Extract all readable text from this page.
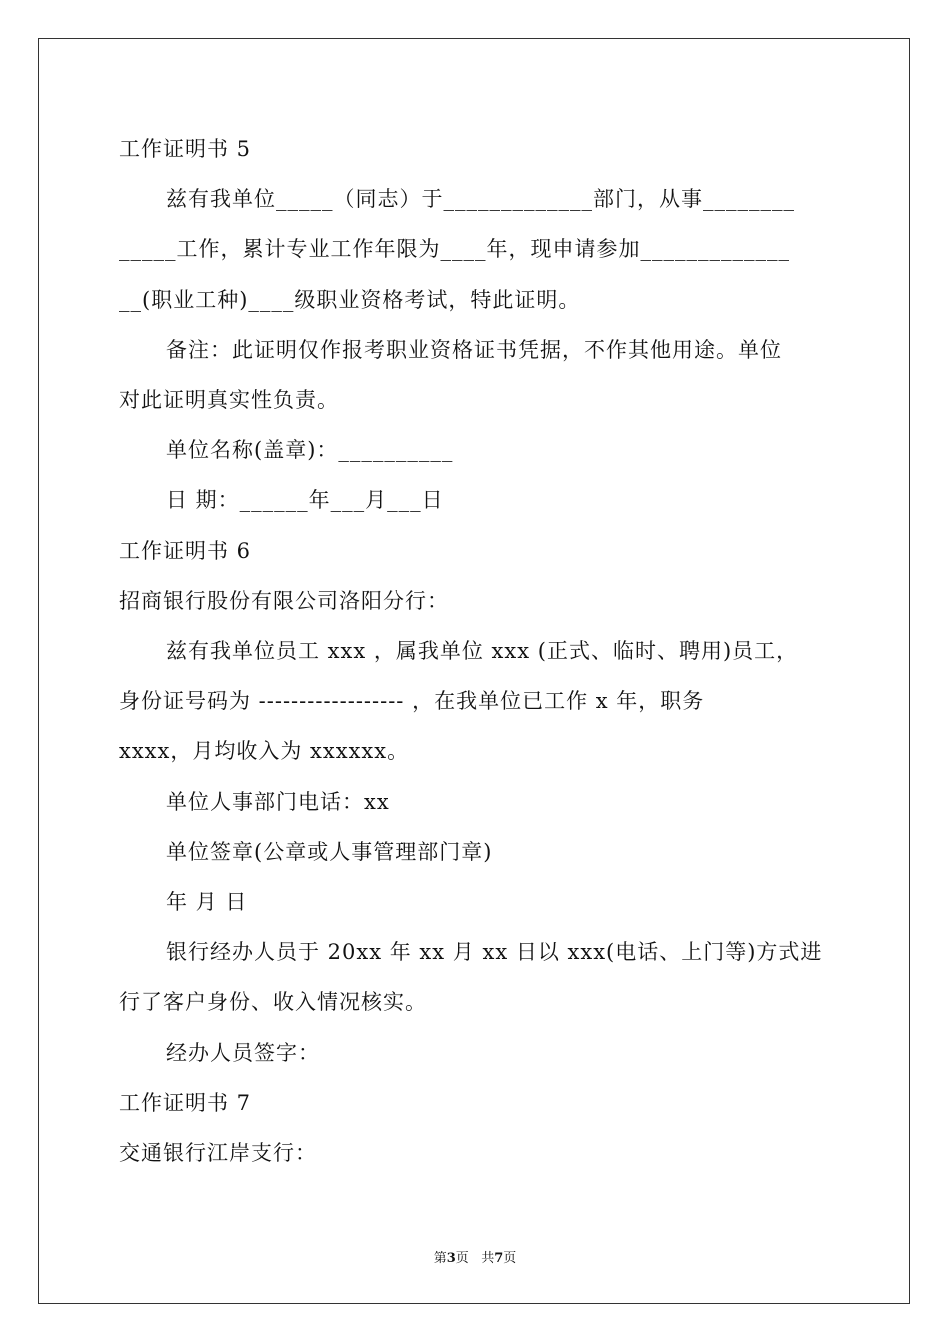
工作证明书 5
兹有我单位_____（同志）于_____________部门，从事________
_____工作，累计专业工作年限为____年，现申请参加_____________
__(职业工种)____级职业资格考试，特此证明。
备注：此证明仅作报考职业资格证书凭据，不作其他用途。单位
对此证明真实性负责。
单位名称(盖章)：__________
日 期：______年___月___日
工作证明书 6
招商银行股份有限公司洛阳分行：
兹有我单位员工 xxx ，属我单位 xxx (正式、临时、聘用)员工，
身份证号码为 ------------------ ，在我单位已工作 x 年，职务
xxxx，月均收入为 xxxxxx。
单位人事部门电话：xx
单位签章(公章或人事管理部门章)
年 月 日
银行经办人员于 20xx 年 xx 月 xx 日以 xxx(电话、上门等)方式进
行了客户身份、收入情况核实。
经办人员签字：
工作证明书 7
交通银行江岸支行：
第3页 共7页
